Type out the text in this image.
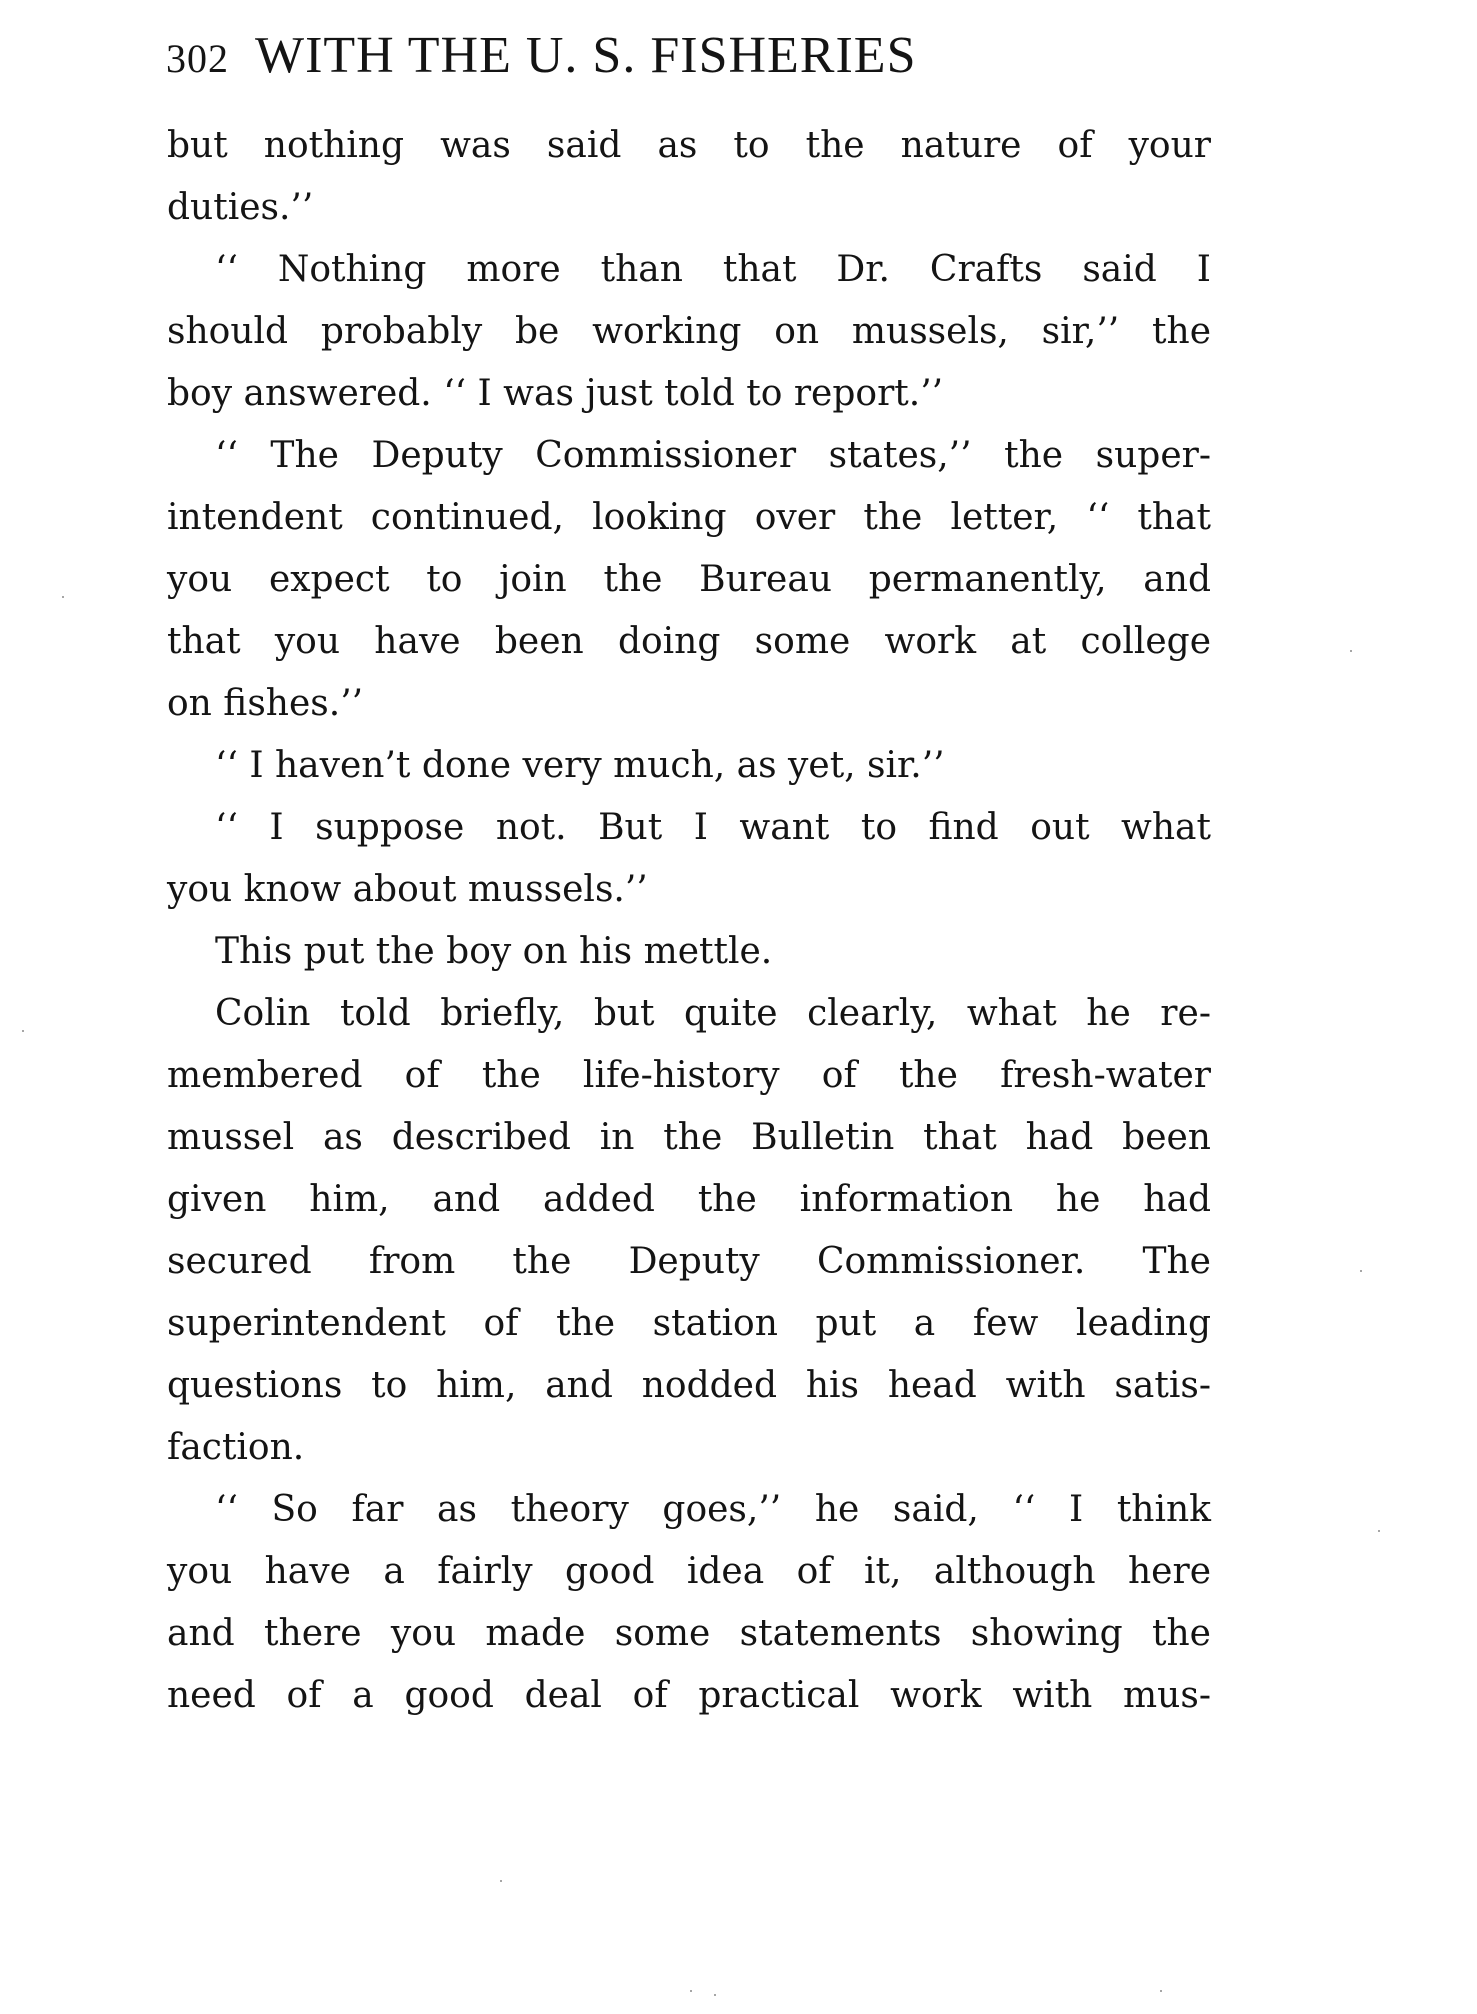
302 WITH THE U. S. FISHERIES
but nothing was said as to the nature of your
duties.’’
‘‘ Nothing more than that Dr. Crafts said I
should probably be working on mussels, sir,’’ the
boy answered. ‘‘ I was just told to report.’’
‘‘ The Deputy Commissioner states,’’ the super-
intendent continued, looking over the letter, ‘‘ that
you expect to join the Bureau permanently, and
that you have been doing some work at college
on fishes.’’
‘‘ I haven’t done very much, as yet, sir.’’
‘‘ I suppose not. But I want to find out what
you know about mussels.’’
This put the boy on his mettle.
Colin told briefly, but quite clearly, what he re-
membered of the life-history of the fresh-water
mussel as described in the Bulletin that had been
given him, and added the information he had
secured from the Deputy Commissioner. The
superintendent of the station put a few leading
questions to him, and nodded his head with satis-
faction.
‘‘ So far as theory goes,’’ he said, ‘‘ I think
you have a fairly good idea of it, although here
and there you made some statements showing the
need of a good deal of practical work with mus-
